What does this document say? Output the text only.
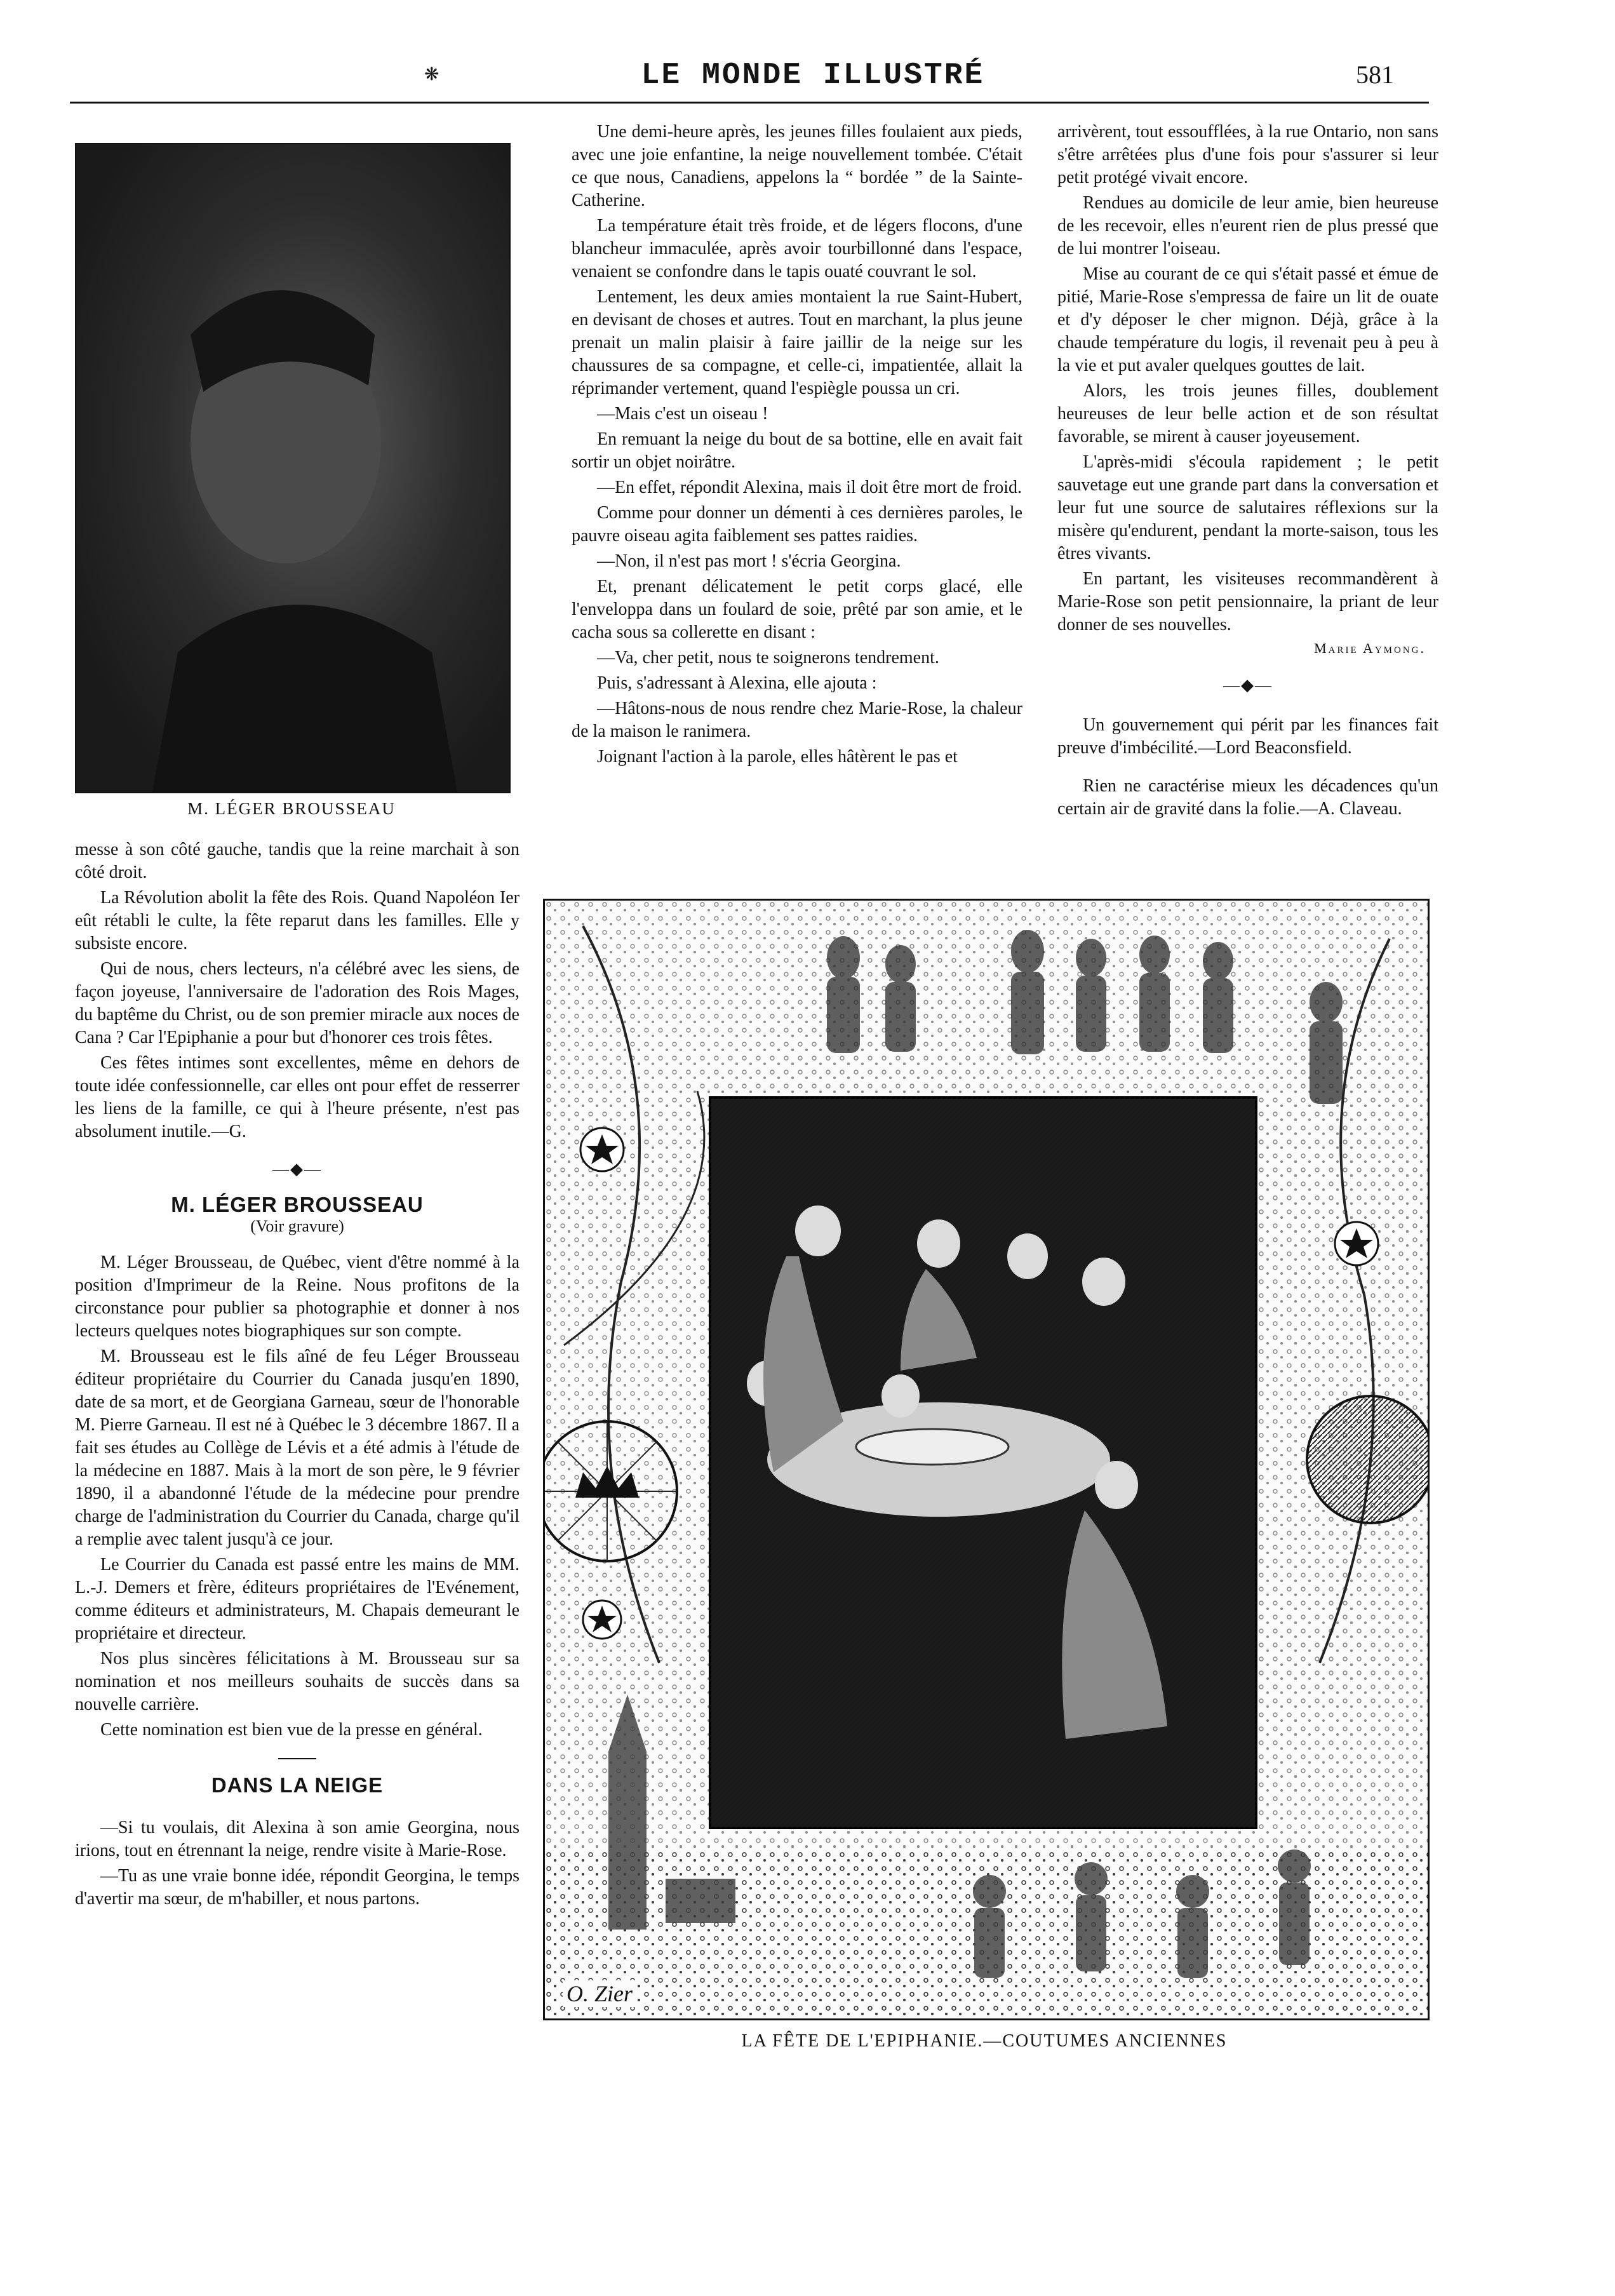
❋	LE MONDE ILLUSTRÉ	581
M. LÉGER BROUSSEAU

messe à son côté gauche, tandis que la reine marchait à son côté droit.

La Révolution abolit la fête des Rois. Quand Napoléon Ier eût rétabli le culte, la fête reparut dans les familles. Elle y subsiste encore.

Qui de nous, chers lecteurs, n'a célébré avec les siens, de façon joyeuse, l'anniversaire de l'adoration des Rois Mages, du baptême du Christ, ou de son premier miracle aux noces de Cana ? Car l'Epiphanie a pour but d'honorer ces trois fêtes.

Ces fêtes intimes sont excellentes, même en dehors de toute idée confessionnelle, car elles ont pour effet de resserrer les liens de la famille, ce qui à l'heure présente, n'est pas absolument inutile.—G.

—◆—
M. LÉGER BROUSSEAU
(Voir gravure)

M. Léger Brousseau, de Québec, vient d'être nommé à la position d'Imprimeur de la Reine. Nous profitons de la circonstance pour publier sa photographie et donner à nos lecteurs quelques notes biographiques sur son compte.

M. Brousseau est le fils aîné de feu Léger Brousseau éditeur propriétaire du Courrier du Canada jusqu'en 1890, date de sa mort, et de Georgiana Garneau, sœur de l'honorable M. Pierre Garneau. Il est né à Québec le 3 décembre 1867. Il a fait ses études au Collège de Lévis et a été admis à l'étude de la médecine en 1887. Mais à la mort de son père, le 9 février 1890, il a abandonné l'étude de la médecine pour prendre charge de l'administration du Courrier du Canada, charge qu'il a remplie avec talent jusqu'à ce jour.

Le Courrier du Canada est passé entre les mains de MM. L.-J. Demers et frère, éditeurs propriétaires de l'Evénement, comme éditeurs et administrateurs, M. Chapais demeurant le propriétaire et directeur.

Nos plus sincères félicitations à M. Brousseau sur sa nomination et nos meilleurs souhaits de succès dans sa nouvelle carrière.

Cette nomination est bien vue de la presse en général.

DANS LA NEIGE

—Si tu voulais, dit Alexina à son amie Georgina, nous irions, tout en étrennant la neige, rendre visite à Marie-Rose.

—Tu as une vraie bonne idée, répondit Georgina, le temps d'avertir ma sœur, de m'habiller, et nous partons.

Une demi-heure après, les jeunes filles foulaient aux pieds, avec une joie enfantine, la neige nouvellement tombée. C'était ce que nous, Canadiens, appelons la “ bordée ” de la Sainte-Catherine.

La température était très froide, et de légers flocons, d'une blancheur immaculée, après avoir tourbillonné dans l'espace, venaient se confondre dans le tapis ouaté couvrant le sol.

Lentement, les deux amies montaient la rue Saint-Hubert, en devisant de choses et autres. Tout en marchant, la plus jeune prenait un malin plaisir à faire jaillir de la neige sur les chaussures de sa compagne, et celle-ci, impatientée, allait la réprimander vertement, quand l'espiègle poussa un cri.

—Mais c'est un oiseau !

En remuant la neige du bout de sa bottine, elle en avait fait sortir un objet noirâtre.

—En effet, répondit Alexina, mais il doit être mort de froid.

Comme pour donner un démenti à ces dernières paroles, le pauvre oiseau agita faiblement ses pattes raidies.

—Non, il n'est pas mort ! s'écria Georgina.

Et, prenant délicatement le petit corps glacé, elle l'enveloppa dans un foulard de soie, prêté par son amie, et le cacha sous sa collerette en disant :

—Va, cher petit, nous te soignerons tendrement.

Puis, s'adressant à Alexina, elle ajouta :

—Hâtons-nous de nous rendre chez Marie-Rose, la chaleur de la maison le ranimera.

Joignant l'action à la parole, elles hâtèrent le pas et

arrivèrent, tout essoufflées, à la rue Ontario, non sans s'être arrêtées plus d'une fois pour s'assurer si leur petit protégé vivait encore.

Rendues au domicile de leur amie, bien heureuse de les recevoir, elles n'eurent rien de plus pressé que de lui montrer l'oiseau.

Mise au courant de ce qui s'était passé et émue de pitié, Marie-Rose s'empressa de faire un lit de ouate et d'y déposer le cher mignon. Déjà, grâce à la chaude température du logis, il revenait peu à peu à la vie et put avaler quelques gouttes de lait.

Alors, les trois jeunes filles, doublement heureuses de leur belle action et de son résultat favorable, se mirent à causer joyeusement.

L'après-midi s'écoula rapidement ; le petit sauvetage eut une grande part dans la conversation et leur fut une source de salutaires réflexions sur la misère qu'endurent, pendant la morte-saison, tous les êtres vivants.

En partant, les visiteuses recommandèrent à Marie-Rose son petit pensionnaire, la priant de leur donner de ses nouvelles.

Marie Aymong.
—◆—

Un gouvernement qui périt par les finances fait preuve d'imbécilité.—Lord Beaconsfield.

Rien ne caractérise mieux les décadences qu'un certain air de gravité dans la folie.—A. Claveau.

O. Zier
LA FÊTE DE L'EPIPHANIE.—COUTUMES ANCIENNES
